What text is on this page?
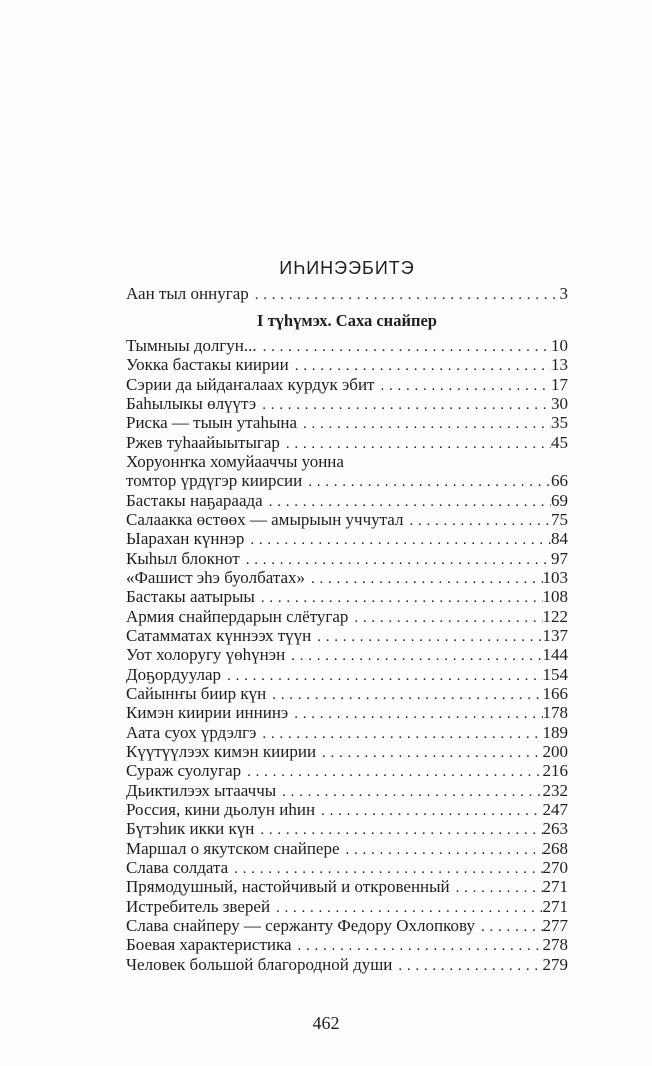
ИҺИНЭЭБИТЭ
Аан тыл оннугар . . .	3
I түһүмэх. Саха снайпер
Тымныы долгун... . . .	10
Уокка бастакы киирии . . .	13
Сэрии да ыйдаҥалаах курдук эбит . . .	17
Баһылыкы өлүүтэ . . .	30
Риска — тыын утаһына . . .	35
Ржев туһаайыытыгар . . .	45
Хоруонҥка хомуйааччы уонна
томтор үрдүгэр киирсии . . .	66
Бастакы наҕараада . . .	69
Салаакка өстөөх — амырыын уччутал . . .	75
Ыарахан күннэр . . .	84
Кыһыл блокнот . . .	97
«Фашист эһэ буолбатах» . . .	103
Бастакы аатырыы . . .	108
Армия снайпердарын слётугар . . .	122
Сатамматах күннээх түүн . . .	137
Уот холоругу үөһүнэн . . .	144
Доҕордуулар . . .	154
Сайынҥы биир күн . . .	166
Кимэн киирии иннинэ . . .	178
Аата суох үрдэлгэ . . .	189
Күүтүүлээх кимэн киирии . . .	200
Сураж суолугар . . .	216
Дьиктилээх ытааччы . . .	232
Россия, кини дьолун иһин . . .	247
Бүтэһик икки күн . . .	263
Маршал о якутском снайпере . . .	268
Слава солдата . . .	270
Прямодушный, настойчивый и откровенный . . .	271
Истребитель зверей . . .	271
Слава снайперу — сержанту Федору Охлопкову . . .	277
Боевая характеристика . . .	278
Человек большой благородной души . . .	279
462
